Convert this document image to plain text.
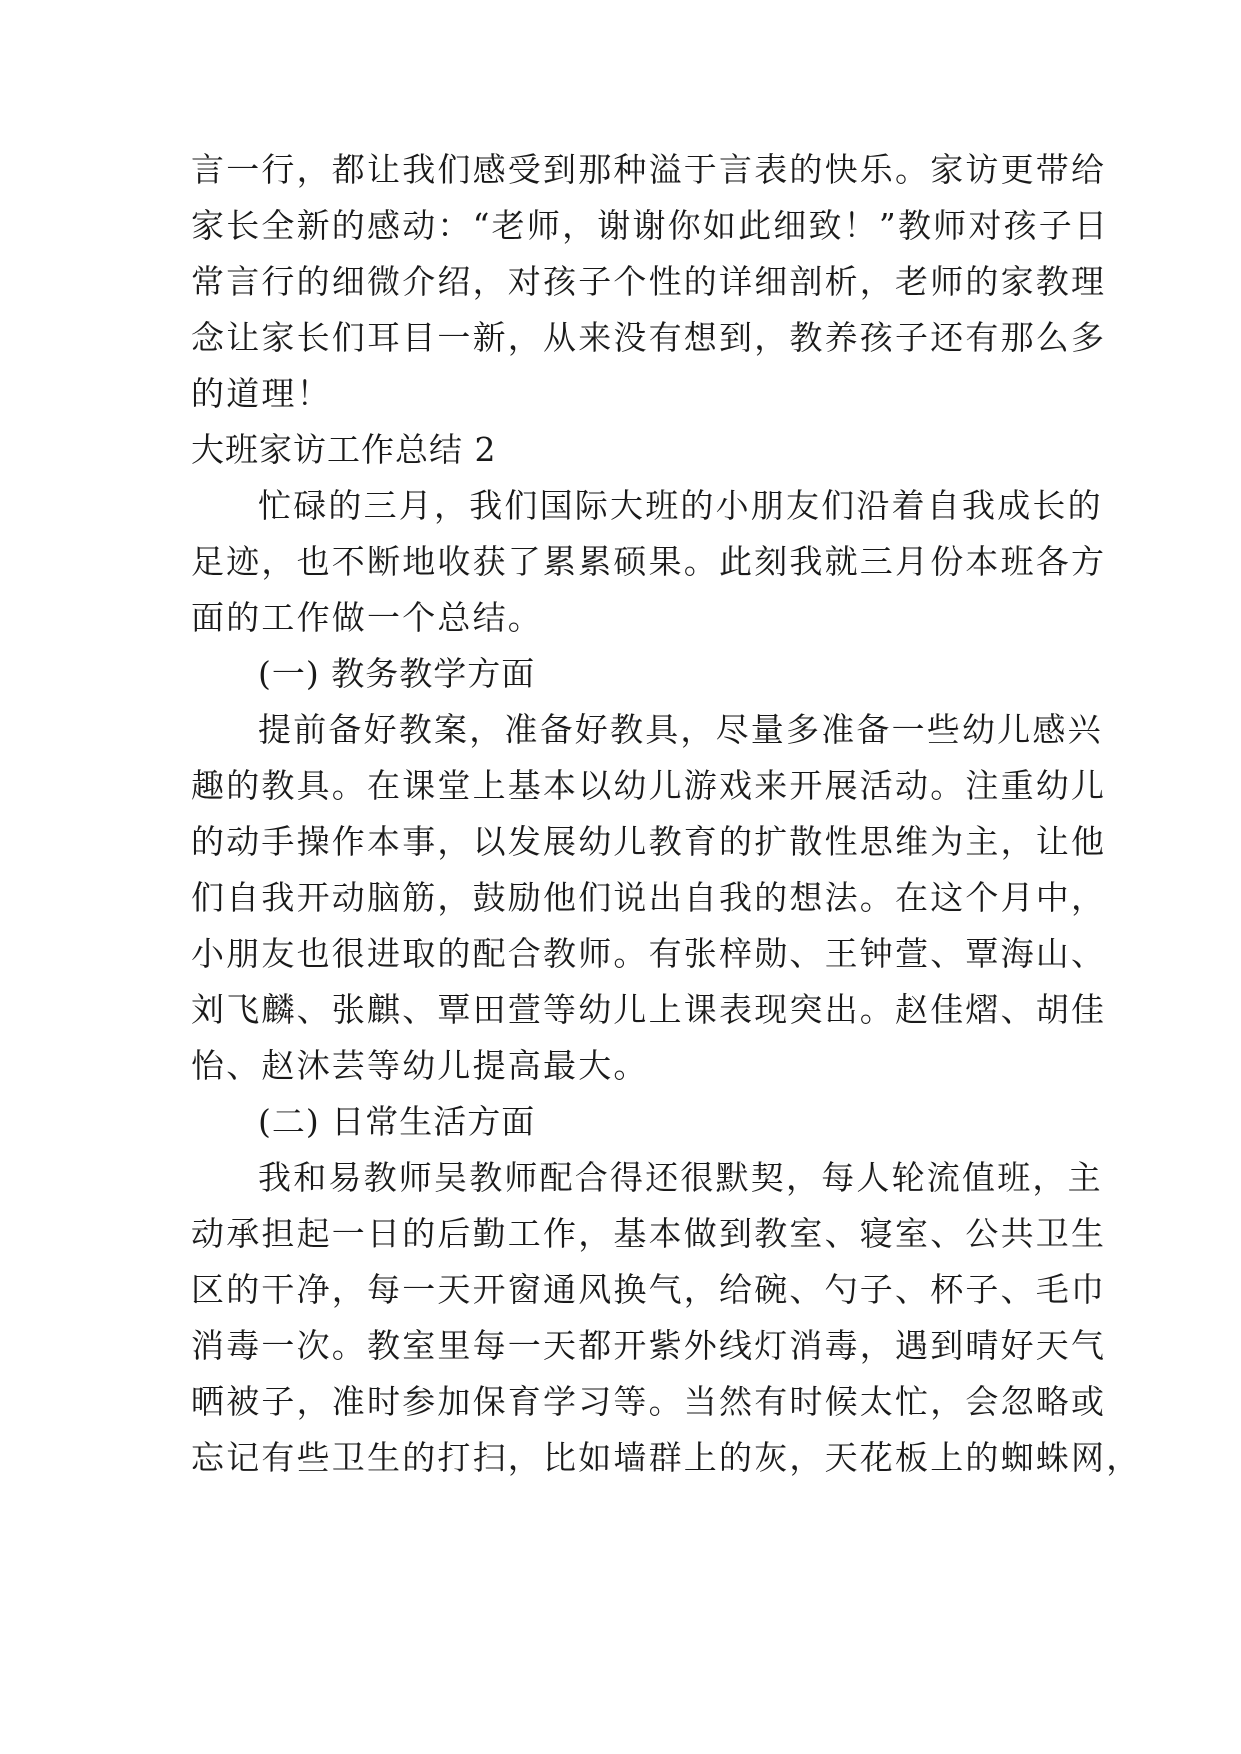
言一行，都让我们感受到那种溢于言表的快乐。家访更带给
家长全新的感动：“老师，谢谢你如此细致！”教师对孩子日
常言行的细微介绍，对孩子个性的详细剖析，老师的家教理
念让家长们耳目一新，从来没有想到，教养孩子还有那么多
的道理！
大班家访工作总结 2
忙碌的三月，我们国际大班的小朋友们沿着自我成长的
足迹，也不断地收获了累累硕果。此刻我就三月份本班各方
面的工作做一个总结。
(一) 教务教学方面
提前备好教案，准备好教具，尽量多准备一些幼儿感兴
趣的教具。在课堂上基本以幼儿游戏来开展活动。注重幼儿
的动手操作本事，以发展幼儿教育的扩散性思维为主，让他
们自我开动脑筋，鼓励他们说出自我的想法。在这个月中，
小朋友也很进取的配合教师。有张梓勋、王钟萱、覃海山、
刘飞麟、张麒、覃田萱等幼儿上课表现突出。赵佳熠、胡佳
怡、赵沐芸等幼儿提高最大。
(二) 日常生活方面
我和易教师吴教师配合得还很默契，每人轮流值班，主
动承担起一日的后勤工作，基本做到教室、寝室、公共卫生
区的干净，每一天开窗通风换气，给碗、勺子、杯子、毛巾
消毒一次。教室里每一天都开紫外线灯消毒，遇到晴好天气
晒被子，准时参加保育学习等。当然有时候太忙，会忽略或
忘记有些卫生的打扫，比如墙群上的灰，天花板上的蜘蛛网，
